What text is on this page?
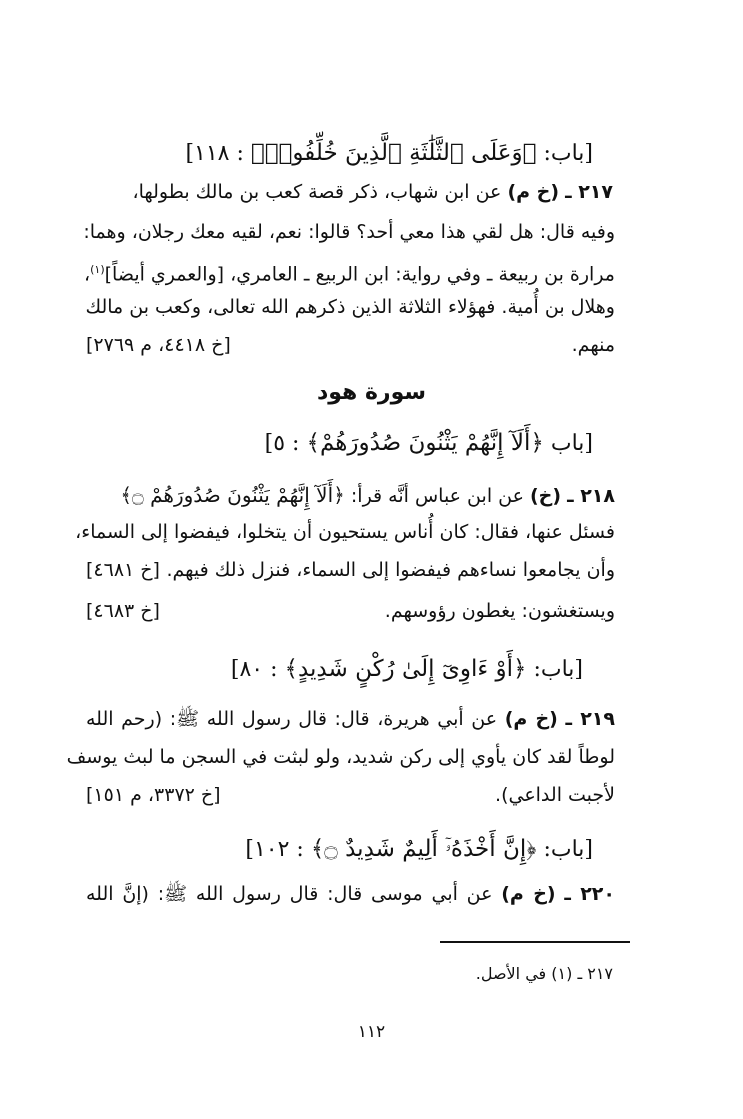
[باب: ﴿وَعَلَى ٱلثَّلَٰثَةِ ٱلَّذِينَ خُلِّفُوا۟﴾ : ١١٨]
٢١٧ ـ (خ م) عن ابن شهاب، ذكر قصة كعب بن مالك بطولها،
وفيه قال: هل لقي هذا معي أحد؟ قالوا: نعم، لقيه معك رجلان، وهما:
مرارة بن ربيعة ـ وفي رواية: ابن الربيع ـ العامري، [والعمري أيضاً]$^{(١)}$،
وهلال بن أُمية. فهؤلاء الثلاثة الذين ذكرهم الله تعالى، وكعب بن مالك
منهم.
[خ ٤٤١٨، م ٢٧٦٩]
سورة هود
[باب ﴿أَلَآ إِنَّهُمْ يَثْنُونَ صُدُورَهُمْ﴾ : ٥]
٢١٨ ـ (خ) عن ابن عباس أنَّه قرأ: ﴿أَلَآ إِنَّهُمْ يَثْنُونَ صُدُورَهُمْ ۝﴾
فسئل عنها، فقال: كان أُناس يستحيون أن يتخلوا، فيفضوا إلى السماء،
وأن يجامعوا نساءهم فيفضوا إلى السماء، فنزل ذلك فيهم.
[خ ٤٦٨١]
ويستغشون: يغطون رؤوسهم.
[خ ٤٦٨٣]
[باب: ﴿أَوْ ءَاوِىٓ إِلَىٰ رُكْنٍ شَدِيدٍ﴾ : ٨٠]
٢١٩ ـ (خ م) عن أبي هريرة، قال: قال رسول الله ﷺ: (رحم الله
لوطاً لقد كان يأوي إلى ركن شديد، ولو لبثت في السجن ما لبث يوسف
لأجبت الداعي).
[خ ٣٣٧٢، م ١٥١]
[باب: ﴿إِنَّ أَخْذَهُۥٓ أَلِيمٌ شَدِيدٌ ۝﴾ : ١٠٢]
٢٢٠ ـ (خ م) عن أبي موسى قال: قال رسول الله ﷺ: (إنَّ الله
٢١٧ ـ (١) في الأصل.
١١٢
